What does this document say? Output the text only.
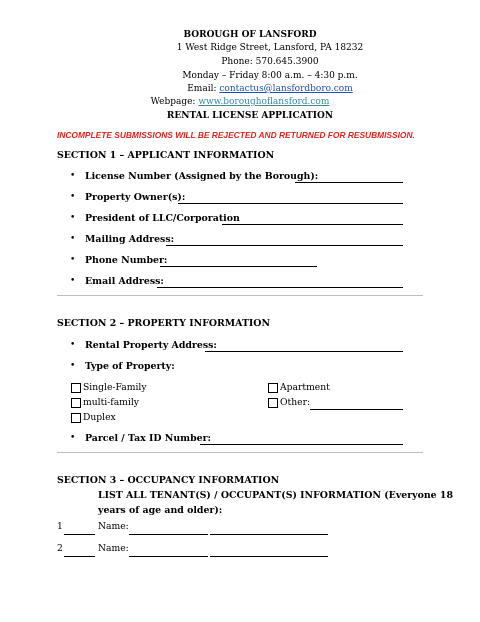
BOROUGH OF LANSFORD
1 West Ridge Street, Lansford, PA 18232
Phone: 570.645.3900
Monday – Friday 8:00 a.m. – 4:30 p.m.
Email: contactus@lansfordboro.com
Webpage: www.boroughoflansford.com
RENTAL LICENSE APPLICATION
INCOMPLETE SUBMISSIONS WILL BE REJECTED AND RETURNED FOR RESUBMISSION.
SECTION 1 – APPLICANT INFORMATION
• License Number (Assigned by the Borough):
• Property Owner(s):
• President of LLC/Corporation
• Mailing Address:
• Phone Number:
• Email Address:
SECTION 2 – PROPERTY INFORMATION
• Rental Property Address:
• Type of Property:
Single-Family	Apartment
multi-family	Other:
Duplex
• Parcel / Tax ID Number:
SECTION 3 – OCCUPANCY INFORMATION
LIST ALL TENANT(S) / OCCUPANT(S) INFORMATION (Everyone 18
years of age and older):
1	Name:
2	Name:
